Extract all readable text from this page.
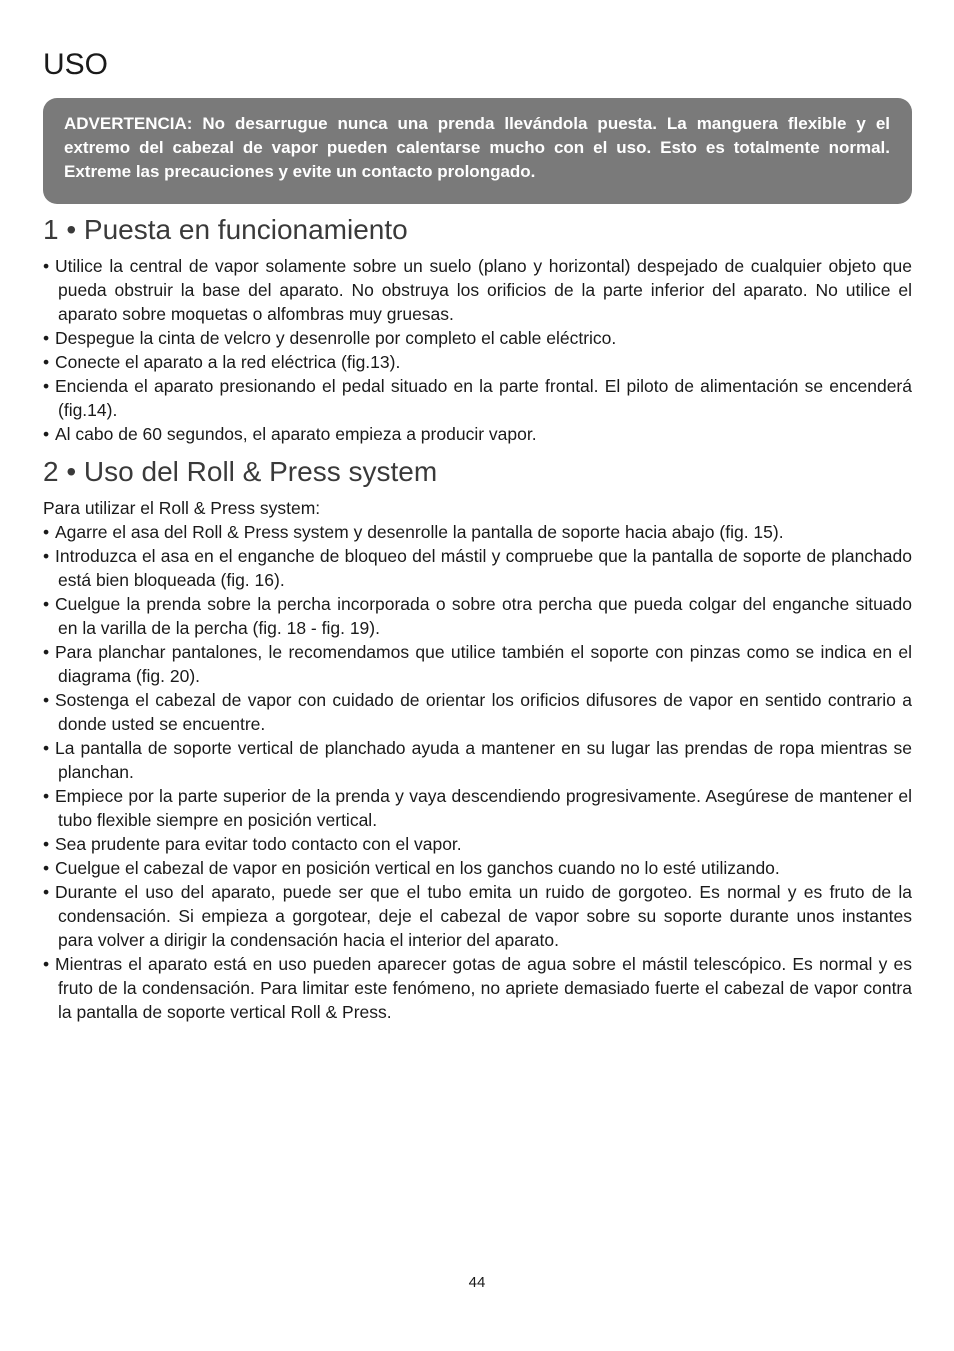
USO

ADVERTENCIA: No desarrugue nunca una prenda llevándola puesta. La manguera flexible y el extremo del cabezal de vapor pueden calentarse mucho con el uso. Esto es totalmente normal. Extreme las precauciones y evite un contacto prolongado.

1 • Puesta en funcionamiento
• Utilice la central de vapor solamente sobre un suelo (plano y horizontal) despejado de cualquier objeto que pueda obstruir la base del aparato. No obstruya los orificios de la parte inferior del aparato. No utilice el aparato sobre moquetas o alfombras muy gruesas.
• Despegue la cinta de velcro y desenrolle por completo el cable eléctrico.
• Conecte el aparato a la red eléctrica (fig.13).
• Encienda el aparato presionando el pedal situado en la parte frontal. El piloto de alimentación se encenderá (fig.14).
• Al cabo de 60 segundos, el aparato empieza a producir vapor.
2 • Uso del Roll & Press system

Para utilizar el Roll & Press system:

• Agarre el asa del Roll & Press system y desenrolle la pantalla de soporte hacia abajo (fig. 15).
• Introduzca el asa en el enganche de bloqueo del mástil y compruebe que la pantalla de soporte de planchado está bien bloqueada (fig. 16).
• Cuelgue la prenda sobre la percha incorporada o sobre otra percha que pueda colgar del enganche situado en la varilla de la percha (fig. 18 - fig. 19).
• Para planchar pantalones, le recomendamos que utilice también el soporte con pinzas como se indica en el diagrama (fig. 20).
• Sostenga el cabezal de vapor con cuidado de orientar los orificios difusores de vapor en sentido contrario a donde usted se encuentre.
• La pantalla de soporte vertical de planchado ayuda a mantener en su lugar las prendas de ropa mientras se planchan.
• Empiece por la parte superior de la prenda y vaya descendiendo progresivamente. Asegúrese de mantener el tubo flexible siempre en posición vertical.
• Sea prudente para evitar todo contacto con el vapor.
• Cuelgue el cabezal de vapor en posición vertical en los ganchos cuando no lo esté utilizando.
• Durante el uso del aparato, puede ser que el tubo emita un ruido de gorgoteo. Es normal y es fruto de la condensación. Si empieza a gorgotear, deje el cabezal de vapor sobre su soporte durante unos instantes para volver a dirigir la condensación hacia el interior del aparato.
• Mientras el aparato está en uso pueden aparecer gotas de agua sobre el mástil telescópico. Es normal y es fruto de la condensación. Para limitar este fenómeno, no apriete demasiado fuerte el cabezal de vapor contra la pantalla de soporte vertical Roll & Press.
44
